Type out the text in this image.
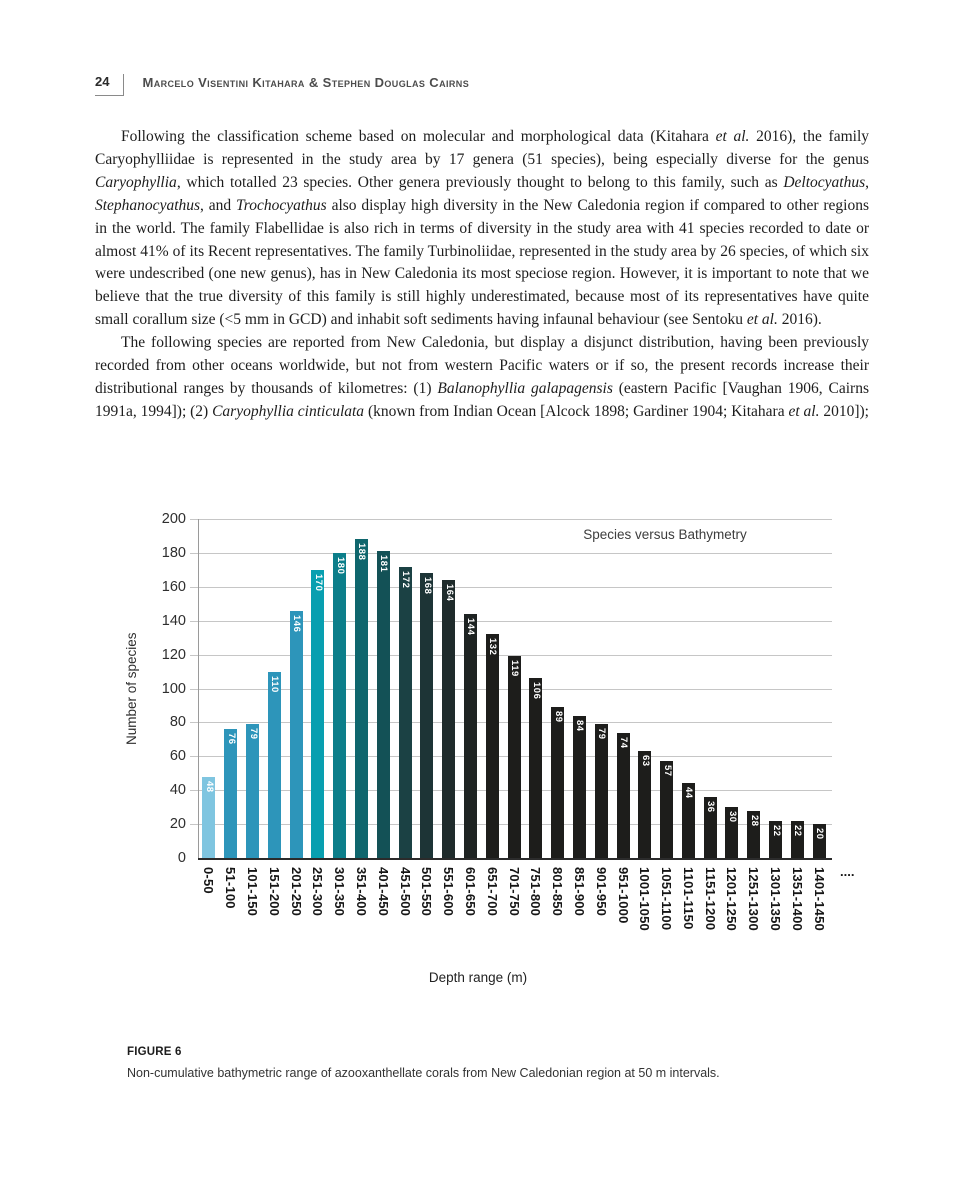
24	Marcelo Visentini Kitahara & Stephen Douglas Cairns

Following the classification scheme based on molecular and morphological data (Kitahara et al. 2016), the family Caryophylliidae is represented in the study area by 17 genera (51 species), being especially diverse for the genus Caryophyllia, which totalled 23 species. Other genera previously thought to belong to this family, such as Deltocyathus, Stephanocyathus, and Trochocyathus also display high diversity in the New Caledonia region if compared to other regions in the world. The family Flabellidae is also rich in terms of diversity in the study area with 41 species recorded to date or almost 41% of its Recent representatives. The family Turbinoliidae, represented in the study area by 26 species, of which six were undescribed (one new genus), has in New Caledonia its most speciose region. However, it is important to note that we believe that the true diversity of this family is still highly underestimated, because most of its representatives have quite small corallum size (<5 mm in GCD) and inhabit soft sediments having infaunal behaviour (see Sentoku et al. 2016).

The following species are reported from New Caledonia, but display a disjunct distribution, having been previously recorded from other oceans worldwide, but not from western Pacific waters or if so, the present records increase their distributional ranges by thousands of kilometres: (1) Balanophyllia galapagensis (eastern Pacific [Vaughan 1906, Cairns 1991a, 1994]); (2) Caryophyllia cinticulata (known from Indian Ocean [Alcock 1898; Gardiner 1904; Kitahara et al. 2010]);

Species versus Bathymetry
Number of species
0
20
40
60
80
100
120
140
160
180
200
48
0-50
76
51-100
79
101-150
110
151-200
146
201-250
170
251-300
180
301-350
188
351-400
181
401-450
172
451-500
168
501-550
164
551-600
144
601-650
132
651-700
119
701-750
106
751-800
89
801-850
84
851-900
79
901-950
74
951-1000
63
1001-1050
57
1051-1100
44
1101-1150
36
1151-1200
30
1201-1250
28
1251-1300
22
1301-1350
22
1351-1400
20
1401-1450 ....
Depth range (m)
FIGURE 6
Non-cumulative bathymetric range of azooxanthellate corals from New Caledonian region at 50 m intervals.
